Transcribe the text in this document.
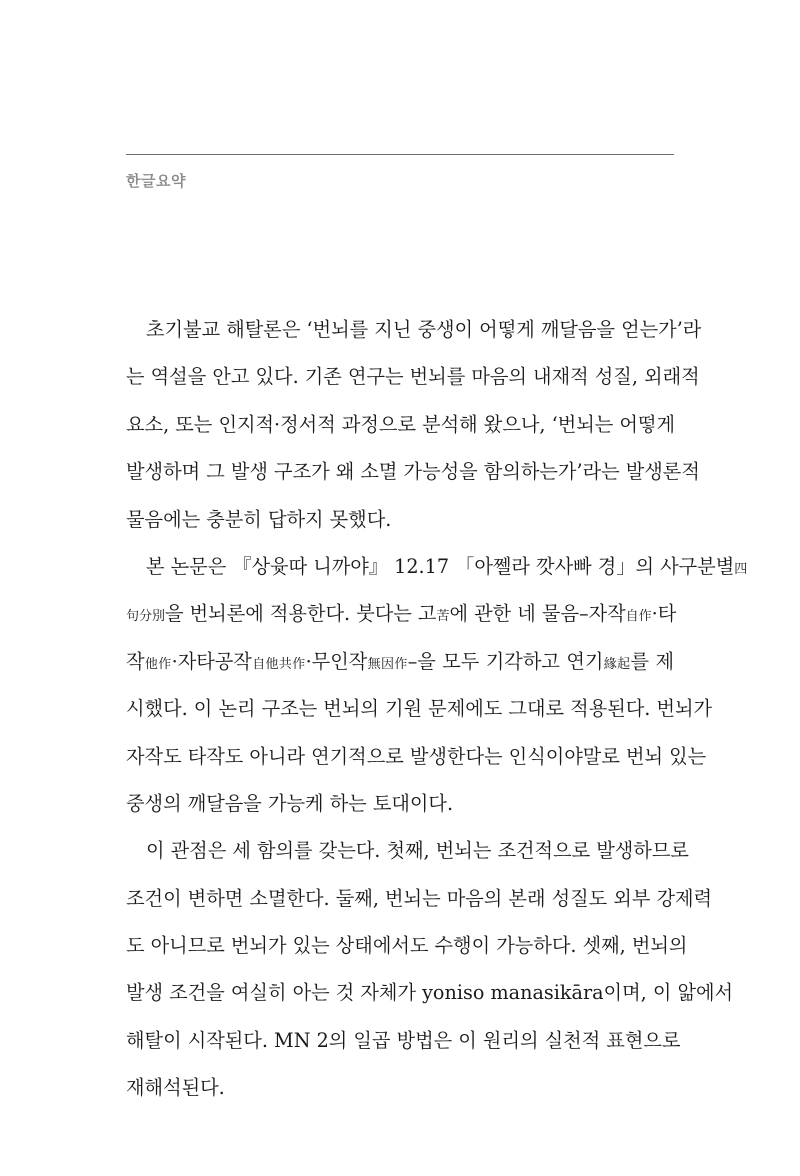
한글요약
초기불교 해탈론은 ‘번뇌를 지닌 중생이 어떻게 깨달음을 얻는가’라
는 역설을 안고 있다. 기존 연구는 번뇌를 마음의 내재적 성질, 외래적
요소, 또는 인지적·정서적 과정으로 분석해 왔으나, ‘번뇌는 어떻게
발생하며 그 발생 구조가 왜 소멸 가능성을 함의하는가’라는 발생론적
물음에는 충분히 답하지 못했다.
본 논문은 『상윳따 니까야』 12.17 「아쩰라 깟사빠 경」의 사구분별四
句分別을 번뇌론에 적용한다. 붓다는 고苦에 관한 네 물음–자작自作·타
작他作·자타공작自他共作·무인작無因作–을 모두 기각하고 연기緣起를 제
시했다. 이 논리 구조는 번뇌의 기원 문제에도 그대로 적용된다. 번뇌가
자작도 타작도 아니라 연기적으로 발생한다는 인식이야말로 번뇌 있는
중생의 깨달음을 가능케 하는 토대이다.
이 관점은 세 함의를 갖는다. 첫째, 번뇌는 조건적으로 발생하므로
조건이 변하면 소멸한다. 둘째, 번뇌는 마음의 본래 성질도 외부 강제력
도 아니므로 번뇌가 있는 상태에서도 수행이 가능하다. 셋째, 번뇌의
발생 조건을 여실히 아는 것 자체가 yoniso manasikāra이며, 이 앎에서
해탈이 시작된다. MN 2의 일곱 방법은 이 원리의 실천적 표현으로
재해석된다.
